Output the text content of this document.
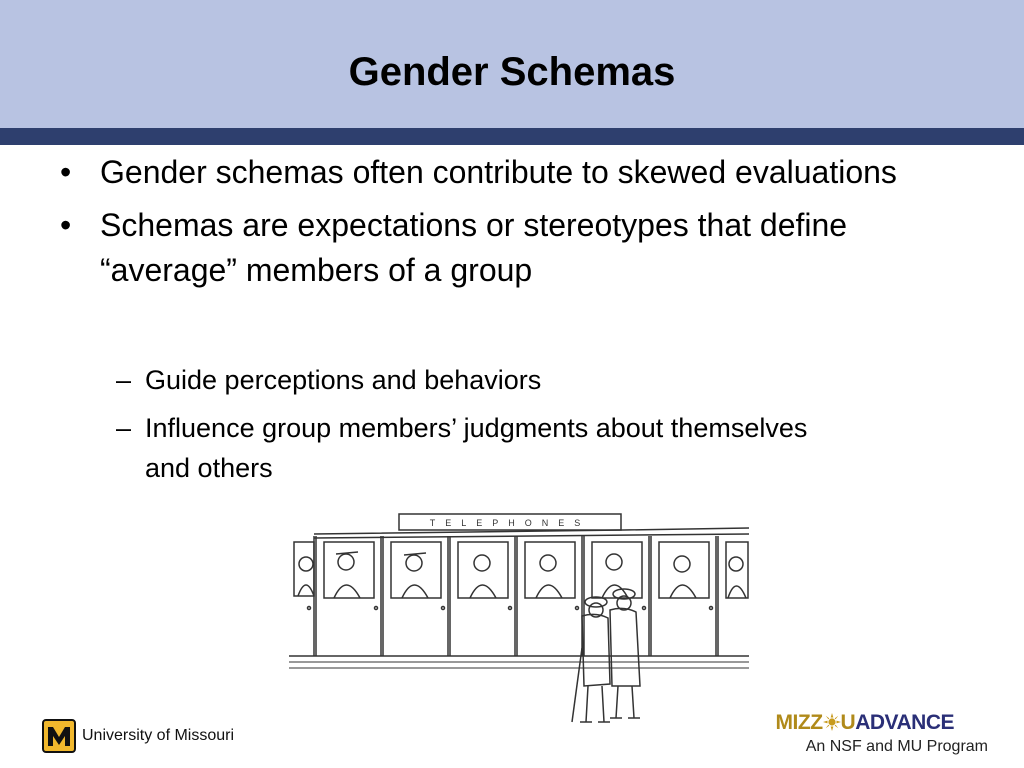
Gender Schemas
• Gender schemas often contribute to skewed evaluations
• Schemas are expectations or stereotypes that define “average” members of a group
– Guide perceptions and behaviors
– Influence group members’ judgments about themselves and others
TELEPHONES
University of Missouri
MIZZ UADVANCE
An NSF and MU Program
